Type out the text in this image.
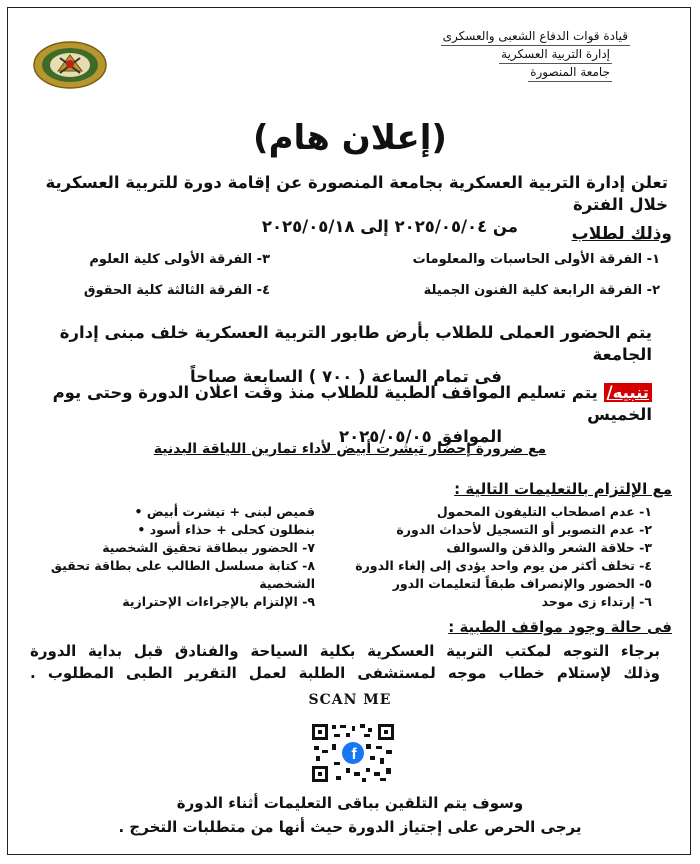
قيادة قوات الدفاع الشعبى والعسكرى
إدارة التربية العسكرية
جامعة المنصورة
(إعلان هام)
تعلن إدارة التربية العسكرية بجامعة المنصورة عن إقامة دورة للتربية العسكرية خلال الفترة
من ٢٠٢٥/٠٥/٠٤ إلى ٢٠٢٥/٠٥/١٨	وذلك لطلاب
١- الفرقة الأولى الحاسبات والمعلومات
٢- الفرقة الرابعة كلية الفنون الجميلة
٣- الفرقة الأولى كلية العلوم
٤- الفرقة الثالثة كلية الحقوق
يتم الحضور العملى للطلاب بأرض طابور التربية العسكرية خلف مبنى إدارة الجامعة
فى تمام الساعة ( ٧٠٠ ) السابعة صباحاً
تنبيه/ يتم تسليم المواقف الطبية للطلاب منذ وقت اعلان الدورة وحتى يوم الخميس
الموافق ٢٠٢٥/٠٥/٠٥
مع ضرورة إحضار تيشرت أبيض لأداء تمارين اللياقة البدنية
مع الإلتزام بالتعليمات التالية :
١- عدم اصطحاب التليفون المحمول
٢- عدم التصوير أو التسجيل لأحداث الدورة
٣- حلاقة الشعر والذقن والسوالف
٤- تخلف أكثر من يوم واحد يؤدى إلى إلغاء الدورة
٥- الحضور والإنصراف طبقاً لتعليمات الدور
٦- إرتداء زى موحد
قميص لبنى + تيشرت أبيض •
بنطلون كحلى + حذاء أسود •
٧- الحضور ببطاقة تحقيق الشخصية
٨- كتابة مسلسل الطالب على بطاقة تحقيق الشخصية
٩- الإلتزام بالإجراءات الإحترازية
فى حالة وجود مواقف الطبية :
برجاء التوجه لمكتب التربية العسكرية بكلية السياحة والفنادق قبل بداية الدورة
وذلك لإستلام خطاب موجه لمستشفى الطلبة لعمل التقرير الطبى المطلوب .
SCAN ME
f
وسوف يتم التلقين بباقى التعليمات أثناء الدورة
يرجى الحرص على إجتياز الدورة حيث أنها من متطلبات التخرج .
